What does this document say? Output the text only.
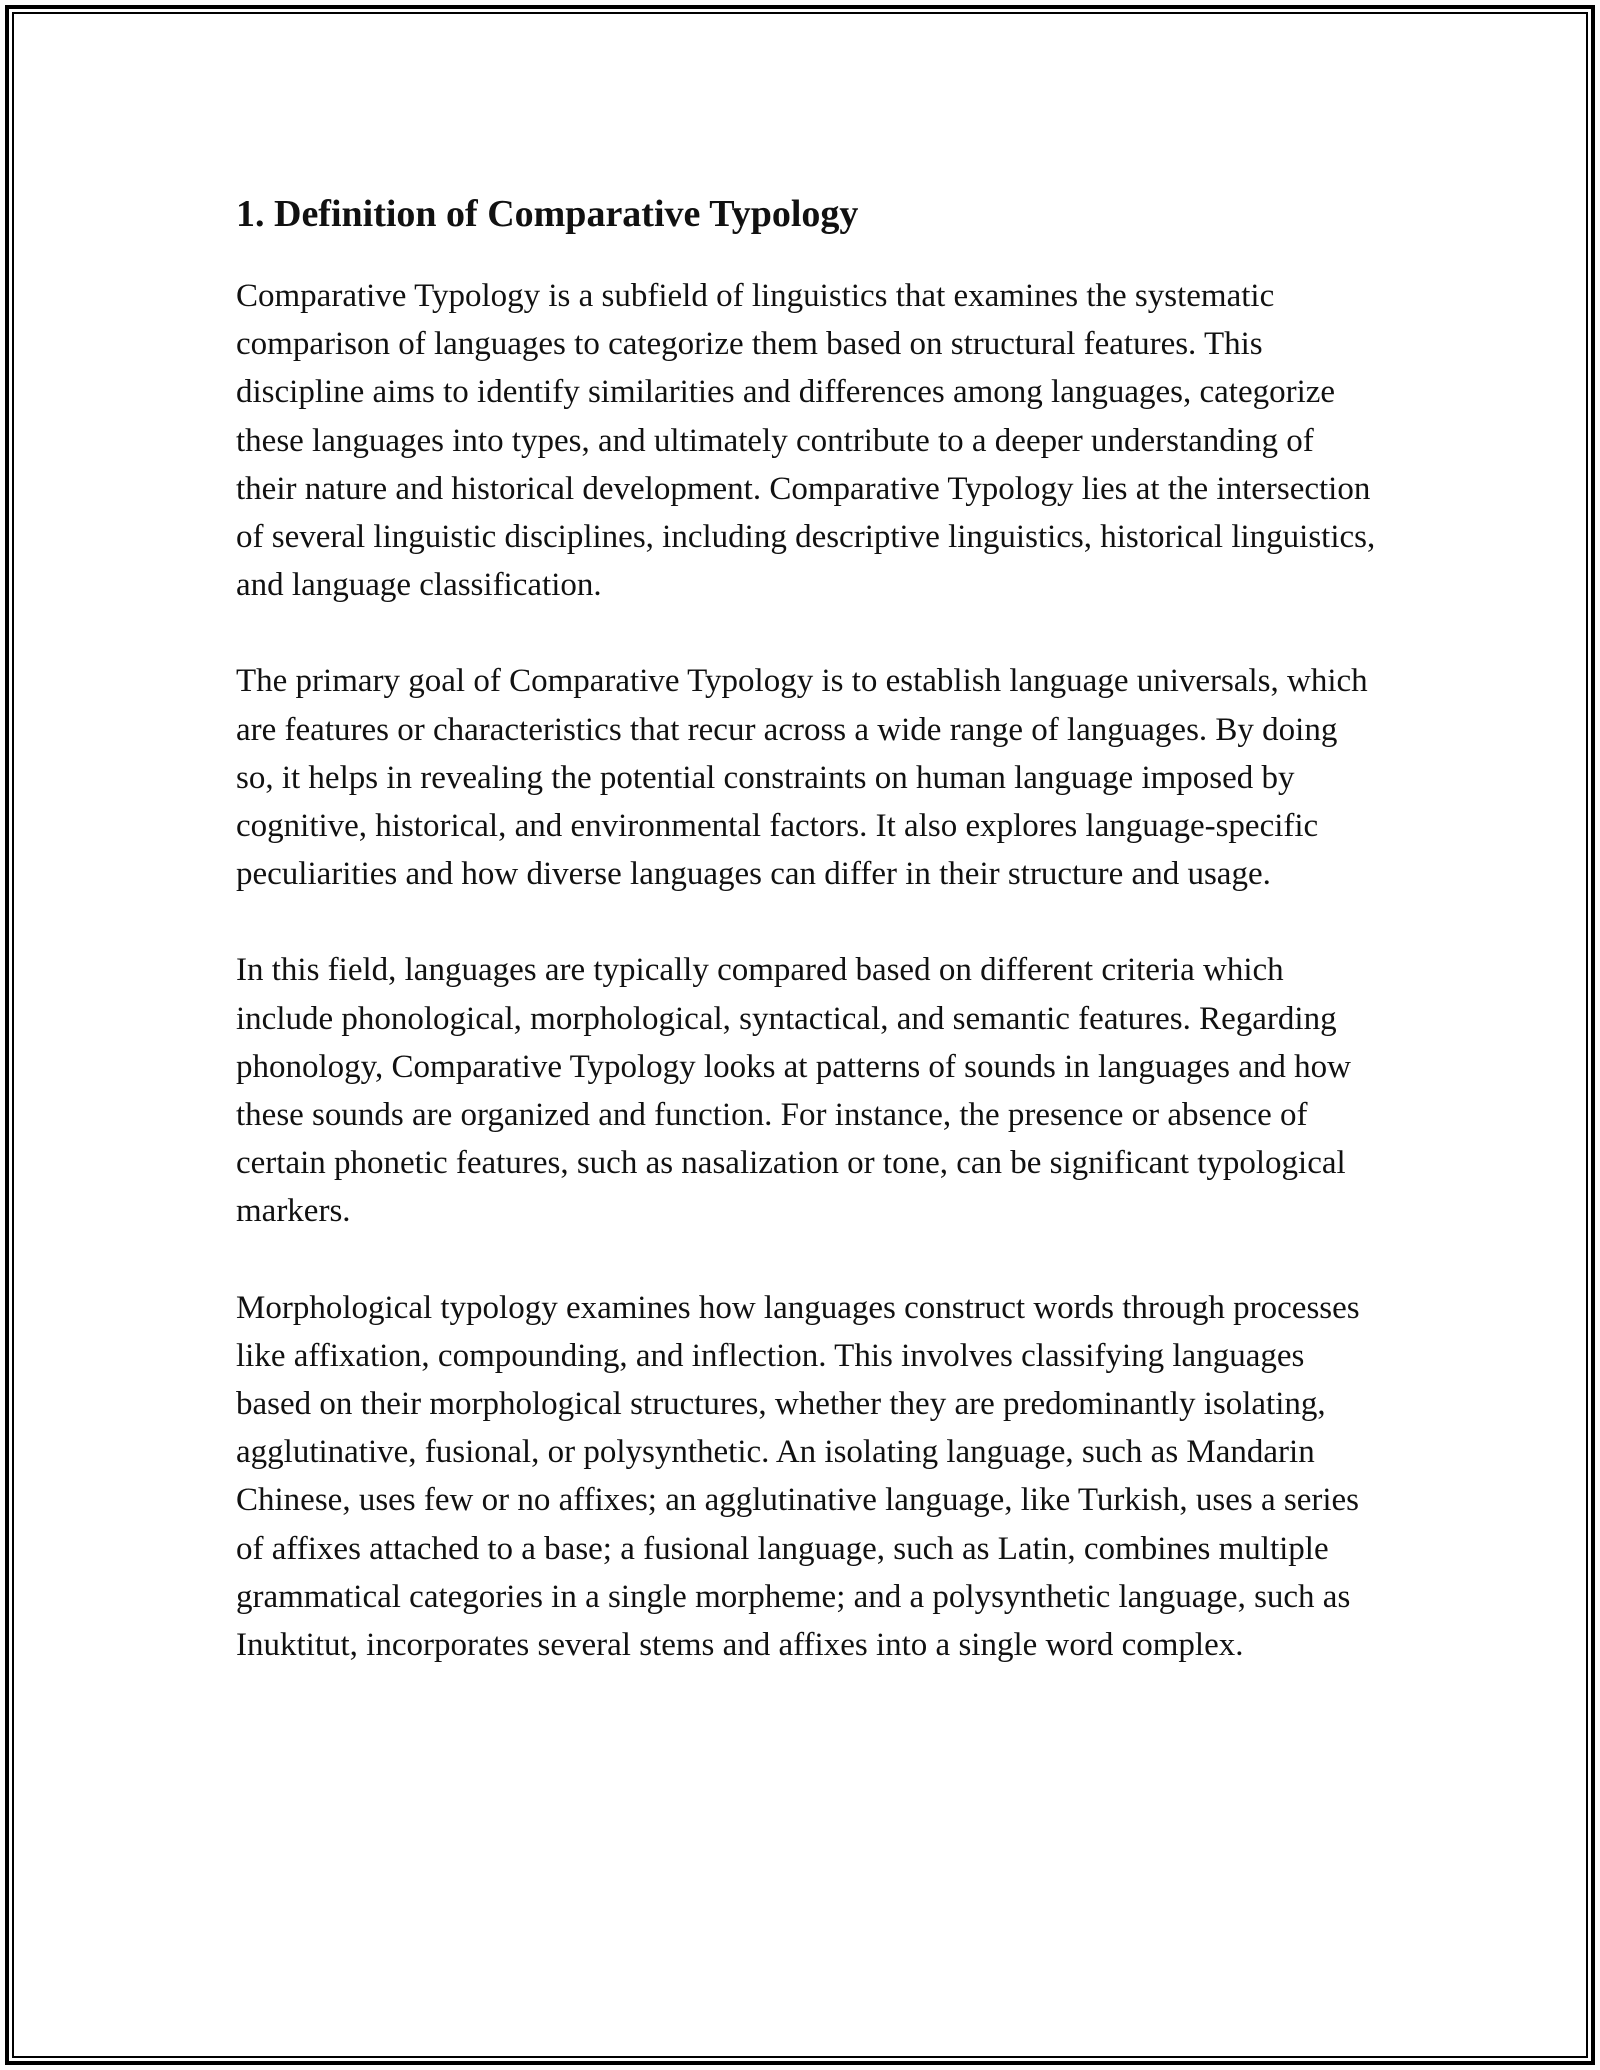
1. Definition of Comparative Typology

Comparative Typology is a subfield of linguistics that examines the systematic comparison of languages to categorize them based on structural features. This discipline aims to identify similarities and differences among languages, categorize these languages into types, and ultimately contribute to a deeper understanding of their nature and historical development. Comparative Typology lies at the intersection of several linguistic disciplines, including descriptive linguistics, historical linguistics, and language classification.

The primary goal of Comparative Typology is to establish language universals, which are features or characteristics that recur across a wide range of languages. By doing so, it helps in revealing the potential constraints on human language imposed by cognitive, historical, and environmental factors. It also explores language-specific peculiarities and how diverse languages can differ in their structure and usage.

In this field, languages are typically compared based on different criteria which include phonological, morphological, syntactical, and semantic features. Regarding phonology, Comparative Typology looks at patterns of sounds in languages and how these sounds are organized and function. For instance, the presence or absence of certain phonetic features, such as nasalization or tone, can be significant typological markers.

Morphological typology examines how languages construct words through processes like affixation, compounding, and inflection. This involves classifying languages based on their morphological structures, whether they are predominantly isolating, agglutinative, fusional, or polysynthetic. An isolating language, such as Mandarin Chinese, uses few or no affixes; an agglutinative language, like Turkish, uses a series of affixes attached to a base; a fusional language, such as Latin, combines multiple grammatical categories in a single morpheme; and a polysynthetic language, such as Inuktitut, incorporates several stems and affixes into a single word complex.
